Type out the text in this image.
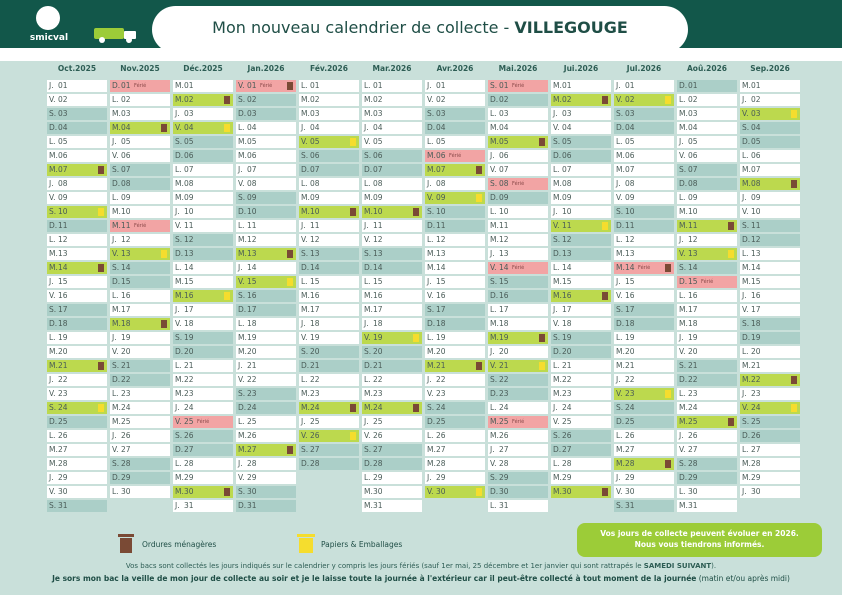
smicval
Mon nouveau calendrier de collecte - VILLEGOUGE
Oct.2025
J. 01
V. 02
S. 03
D. 04
L. 05
M. 06
M. 07
J. 08
V. 09
S. 10
D. 11
L. 12
M. 13
M. 14
J. 15
V. 16
S. 17
D. 18
L. 19
M. 20
M. 21
J. 22
V. 23
S. 24
D. 25
L. 26
M. 27
M. 28
J. 29
V. 30
S. 31
Nov.2025
D. 01 Férié
L. 02
M. 03
M. 04
J. 05
V. 06
S. 07
D. 08
L. 09
M. 10
M. 11 Férié
J. 12
V. 13
S. 14
D. 15
L. 16
M. 17
M. 18
J. 19
V. 20
S. 21
D. 22
L. 23
M. 24
M. 25
J. 26
V. 27
S. 28
D. 29
L. 30
Déc.2025
M. 01
M. 02
J. 03
V. 04
S. 05
D. 06
L. 07
M. 08
M. 09
J. 10
V. 11
S. 12
D. 13
L. 14
M. 15
M. 16
J. 17
V. 18
S. 19
D. 20
L. 21
M. 22
M. 23
J. 24
V. 25 Férié
S. 26
D. 27
L. 28
M. 29
M. 30
J. 31
Jan.2026
V. 01 Férié
S. 02
D. 03
L. 04
M. 05
M. 06
J. 07
V. 08
S. 09
D. 10
L. 11
M. 12
M. 13
J. 14
V. 15
S. 16
D. 17
L. 18
M. 19
M. 20
J. 21
V. 22
S. 23
D. 24
L. 25
M. 26
M. 27
J. 28
V. 29
S. 30
D. 31
Fév.2026
L. 01
M. 02
M. 03
J. 04
V. 05
S. 06
D. 07
L. 08
M. 09
M. 10
J. 11
V. 12
S. 13
D. 14
L. 15
M. 16
M. 17
J. 18
V. 19
S. 20
D. 21
L. 22
M. 23
M. 24
J. 25
V. 26
S. 27
D. 28
Mar.2026
L. 01
M. 02
M. 03
J. 04
V. 05
S. 06
D. 07
L. 08
M. 09
M. 10
J. 11
V. 12
S. 13
D. 14
L. 15
M. 16
M. 17
J. 18
V. 19
S. 20
D. 21
L. 22
M. 23
M. 24
J. 25
V. 26
S. 27
D. 28
L. 29
M. 30
M. 31
Avr.2026
J. 01
V. 02
S. 03
D. 04
L. 05
M. 06 Férié
M. 07
J. 08
V. 09
S. 10
D. 11
L. 12
M. 13
M. 14
J. 15
V. 16
S. 17
D. 18
L. 19
M. 20
M. 21
J. 22
V. 23
S. 24
D. 25
L. 26
M. 27
M. 28
J. 29
V. 30
Mai.2026
S. 01 Férié
D. 02
L. 03
M. 04
M. 05
J. 06
V. 07
S. 08 Férié
D. 09
L. 10
M. 11
M. 12
J. 13
V. 14 Férié
S. 15
D. 16
L. 17
M. 18
M. 19
J. 20
V. 21
S. 22
D. 23
L. 24
M. 25 Férié
M. 26
J. 27
V. 28
S. 29
D. 30
L. 31
Jui.2026
M. 01
M. 02
J. 03
V. 04
S. 05
D. 06
L. 07
M. 08
M. 09
J. 10
V. 11
S. 12
D. 13
L. 14
M. 15
M. 16
J. 17
V. 18
S. 19
D. 20
L. 21
M. 22
M. 23
J. 24
V. 25
S. 26
D. 27
L. 28
M. 29
M. 30
Jul.2026
J. 01
V. 02
S. 03
D. 04
L. 05
M. 06
M. 07
J. 08
V. 09
S. 10
D. 11
L. 12
M. 13
M. 14 Férié
J. 15
V. 16
S. 17
D. 18
L. 19
M. 20
M. 21
J. 22
V. 23
S. 24
D. 25
L. 26
M. 27
M. 28
J. 29
V. 30
S. 31
Aoû.2026
D. 01
L. 02
M. 03
M. 04
J. 05
V. 06
S. 07
D. 08
L. 09
M. 10
M. 11
J. 12
V. 13
S. 14
D. 15 Férié
L. 16
M. 17
M. 18
J. 19
V. 20
S. 21
D. 22
L. 23
M. 24
M. 25
J. 26
V. 27
S. 28
D. 29
L. 30
M. 31
Sep.2026
M. 01
J. 02
V. 03
S. 04
D. 05
L. 06
M. 07
M. 08
J. 09
V. 10
S. 11
D. 12
L. 13
M. 14
M. 15
J. 16
V. 17
S. 18
D. 19
L. 20
M. 21
M. 22
J. 23
V. 24
S. 25
D. 26
L. 27
M. 28
M. 29
J. 30
Ordures ménagères	Papiers & Emballages
Vos jours de collecte peuvent évoluer en 2026.
Nous vous tiendrons informés.
Vos bacs sont collectés les jours indiqués sur le calendrier y compris les jours fériés (sauf 1er mai, 25 décembre et 1er janvier qui sont rattrapés le SAMEDI SUIVANT).
Je sors mon bac la veille de mon jour de collecte au soir et je le laisse toute la journée à l'extérieur car il peut-être collecté à tout moment de la journée (matin et/ou après midi)
